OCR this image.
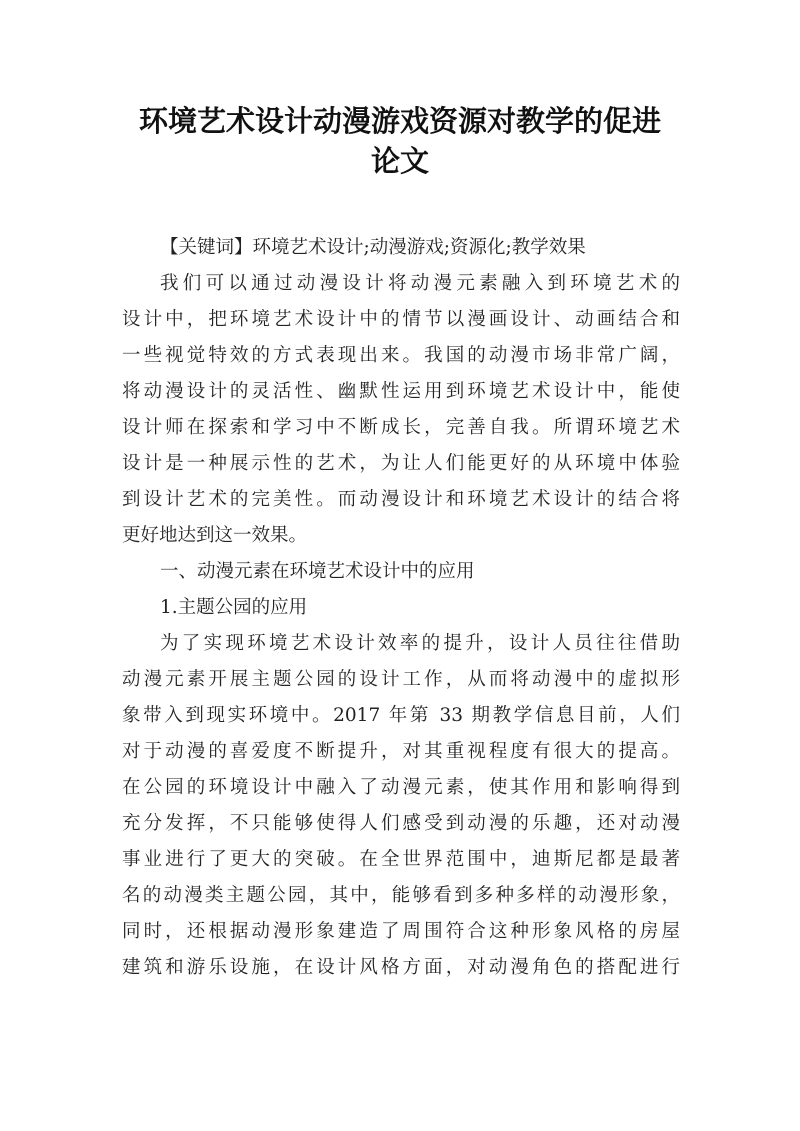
环境艺术设计动漫游戏资源对教学的促进
论文
【关键词】环境艺术设计;动漫游戏;资源化;教学效果
我们可以通过动漫设计将动漫元素融入到环境艺术的
设计中，把环境艺术设计中的情节以漫画设计、动画结合和
一些视觉特效的方式表现出来。我国的动漫市场非常广阔，
将动漫设计的灵活性、幽默性运用到环境艺术设计中，能使
设计师在探索和学习中不断成长，完善自我。所谓环境艺术
设计是一种展示性的艺术，为让人们能更好的从环境中体验
到设计艺术的完美性。而动漫设计和环境艺术设计的结合将
更好地达到这一效果。
一、动漫元素在环境艺术设计中的应用
1.主题公园的应用
为了实现环境艺术设计效率的提升，设计人员往往借助
动漫元素开展主题公园的设计工作，从而将动漫中的虚拟形
象带入到现实环境中。2017 年第 33 期教学信息目前，人们
对于动漫的喜爱度不断提升，对其重视程度有很大的提高。
在公园的环境设计中融入了动漫元素，使其作用和影响得到
充分发挥，不只能够使得人们感受到动漫的乐趣，还对动漫
事业进行了更大的突破。在全世界范围中，迪斯尼都是最著
名的动漫类主题公园，其中，能够看到多种多样的动漫形象，
同时，还根据动漫形象建造了周围符合这种形象风格的房屋
建筑和游乐设施，在设计风格方面，对动漫角色的搭配进行
